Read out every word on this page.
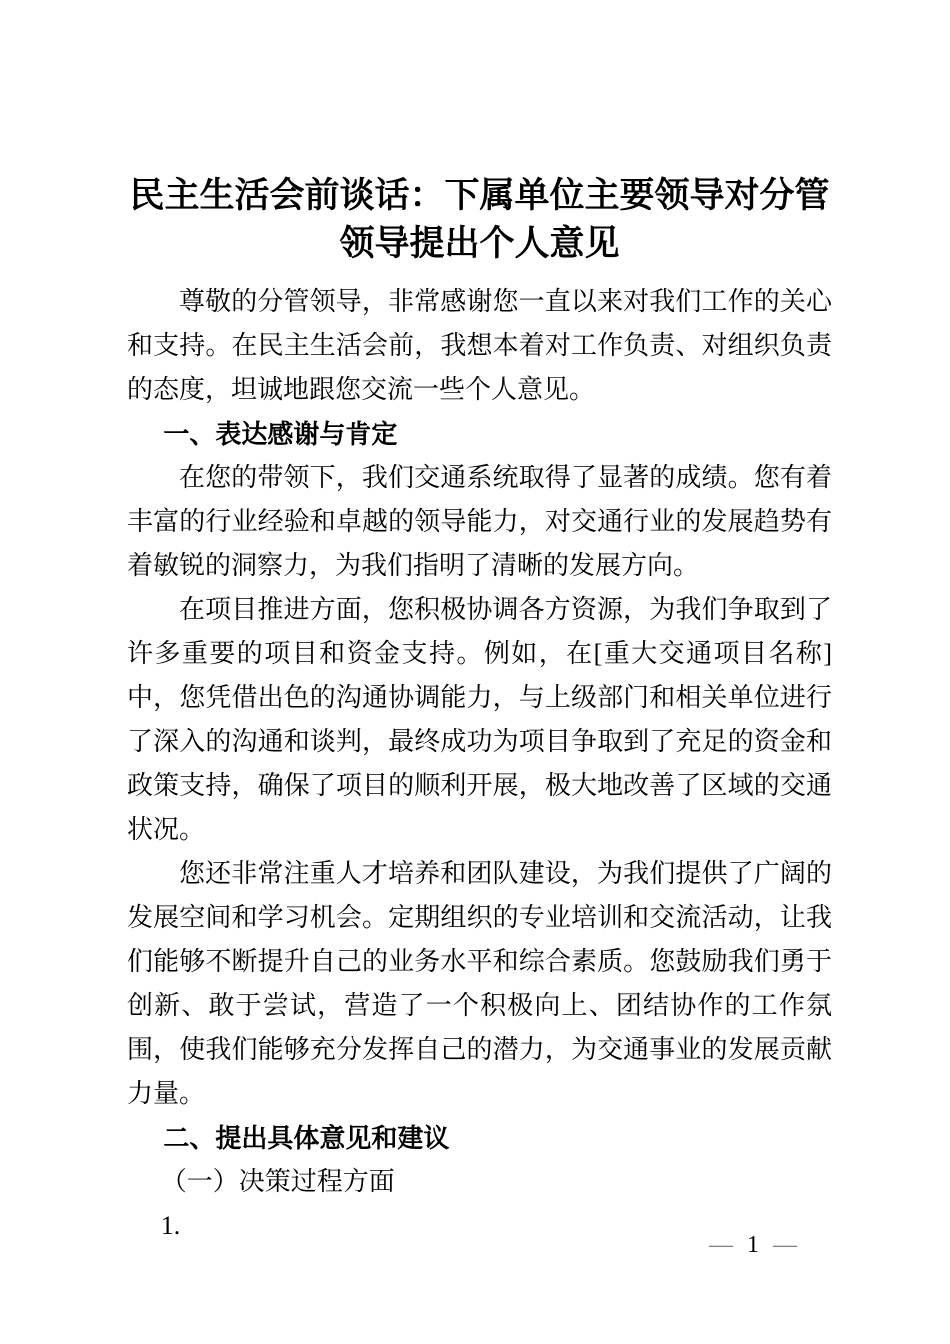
民主生活会前谈话：下属单位主要领导对分管领导提出个人意见

尊敬的分管领导，非常感谢您一直以来对我们工作的关心和支持。在民主生活会前，我想本着对工作负责、对组织负责的态度，坦诚地跟您交流一些个人意见。

一、表达感谢与肯定

在您的带领下，我们交通系统取得了显著的成绩。您有着丰富的行业经验和卓越的领导能力，对交通行业的发展趋势有着敏锐的洞察力，为我们指明了清晰的发展方向。

在项目推进方面，您积极协调各方资源，为我们争取到了许多重要的项目和资金支持。例如，在[重大交通项目名称]中，您凭借出色的沟通协调能力，与上级部门和相关单位进行了深入的沟通和谈判，最终成功为项目争取到了充足的资金和政策支持，确保了项目的顺利开展，极大地改善了区域的交通状况。

您还非常注重人才培养和团队建设，为我们提供了广阔的发展空间和学习机会。定期组织的专业培训和交流活动，让我们能够不断提升自己的业务水平和综合素质。您鼓励我们勇于创新、敢于尝试，营造了一个积极向上、团结协作的工作氛围，使我们能够充分发挥自己的潜力，为交通事业的发展贡献力量。

二、提出具体意见和建议

（一）决策过程方面

1.

— 1 —
